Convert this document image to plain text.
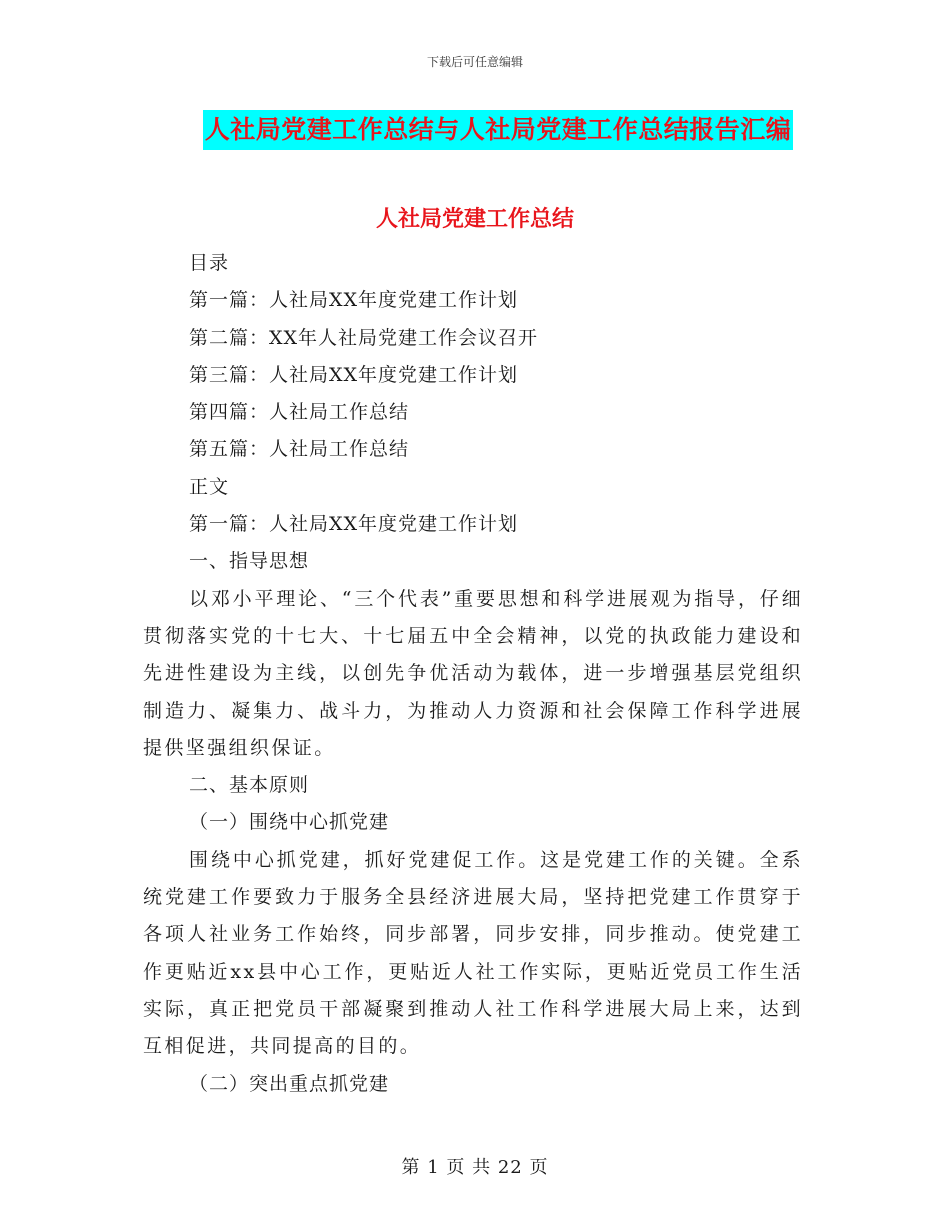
下载后可任意编辑
人社局党建工作总结与人社局党建工作总结报告汇编
人社局党建工作总结
目录
第一篇：人社局XX年度党建工作计划
第二篇：XX年人社局党建工作会议召开
第三篇：人社局XX年度党建工作计划
第四篇：人社局工作总结
第五篇：人社局工作总结
正文
第一篇：人社局XX年度党建工作计划
一、指导思想
以邓小平理论、“三个代表”重要思想和科学进展观为指导，仔细贯彻落实党的十七大、十七届五中全会精神，以党的执政能力建设和先进性建设为主线，以创先争优活动为载体，进一步增强基层党组织制造力、凝集力、战斗力，为推动人力资源和社会保障工作科学进展提供坚强组织保证。
二、基本原则
（一）围绕中心抓党建
围绕中心抓党建，抓好党建促工作。这是党建工作的关键。全系统党建工作要致力于服务全县经济进展大局，坚持把党建工作贯穿于各项人社业务工作始终，同步部署，同步安排，同步推动。使党建工作更贴近xx县中心工作，更贴近人社工作实际，更贴近党员工作生活实际，真正把党员干部凝聚到推动人社工作科学进展大局上来，达到互相促进，共同提高的目的。
（二）突出重点抓党建
第 1 页 共 22 页
